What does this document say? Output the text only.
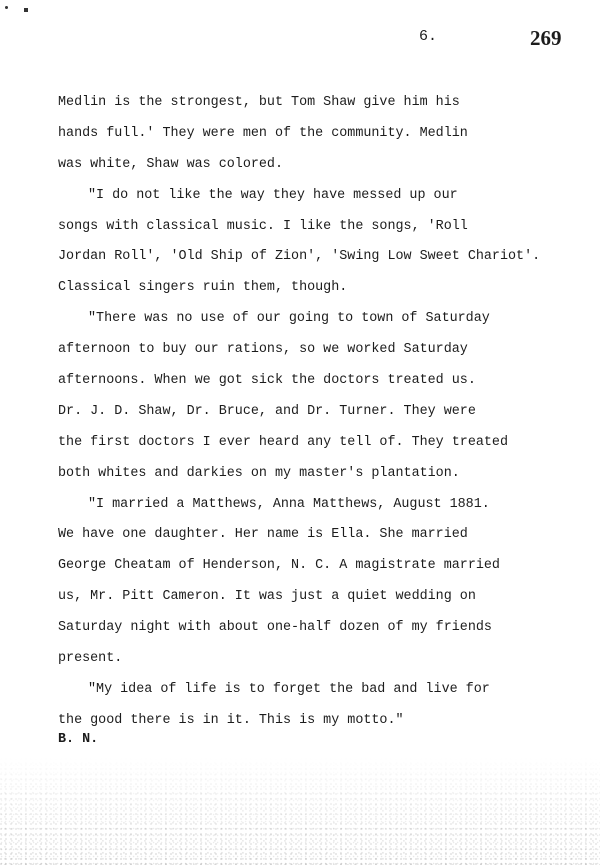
6.	269
Medlin is the strongest, but Tom Shaw give him his
hands full.' They were men of the community. Medlin
was white, Shaw was colored.
"I do not like the way they have messed up our
songs with classical music. I like the songs, 'Roll
Jordan Roll', 'Old Ship of Zion', 'Swing Low Sweet Chariot'.
Classical singers ruin them, though.
"There was no use of our going to town of Saturday
afternoon to buy our rations, so we worked Saturday
afternoons. When we got sick the doctors treated us.
Dr. J. D. Shaw, Dr. Bruce, and Dr. Turner. They were
the first doctors I ever heard any tell of. They treated
both whites and darkies on my master's plantation.
"I married a Matthews, Anna Matthews, August 1881.
We have one daughter. Her name is Ella. She married
George Cheatam of Henderson, N. C. A magistrate married
us, Mr. Pitt Cameron. It was just a quiet wedding on
Saturday night with about one-half dozen of my friends
present.
"My idea of life is to forget the bad and live for
the good there is in it. This is my motto."
B. N.
